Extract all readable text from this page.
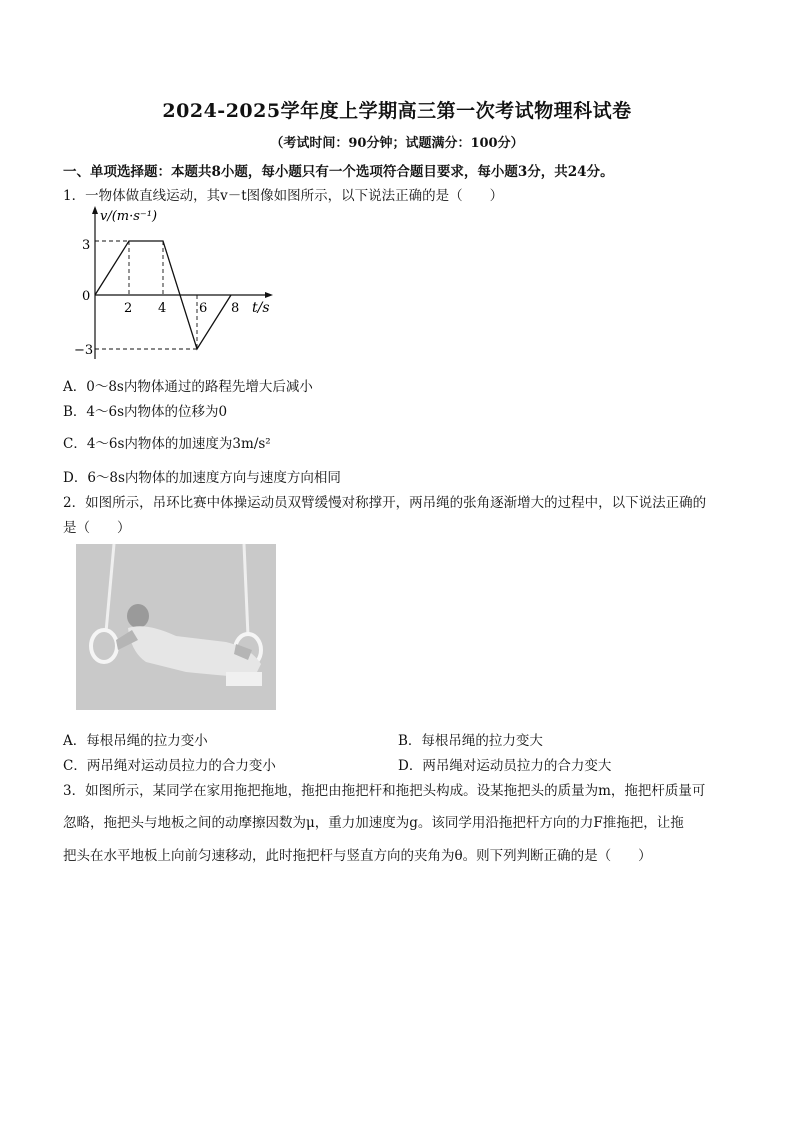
2024-2025学年度上学期高三第一次考试物理科试卷
（考试时间：90分钟；试题满分：100分）
一、单项选择题：本题共8小题，每小题只有一个选项符合题目要求，每小题3分，共24分。
1．一物体做直线运动，其v－t图像如图所示，以下说法正确的是（　　）
v/(m·s⁻¹)
t/s
3
0
−3
2 4	6 8
A．0～8s内物体通过的路程先增大后减小
B．4～6s内物体的位移为0
C．4～6s内物体的加速度为3m/s²
D．6～8s内物体的加速度方向与速度方向相同
2．如图所示，吊环比赛中体操运动员双臂缓慢对称撑开，两吊绳的张角逐渐增大的过程中，以下说法正确的
是（　　）
A．每根吊绳的拉力变小	B．每根吊绳的拉力变大
C．两吊绳对运动员拉力的合力变小	D．两吊绳对运动员拉力的合力变大
3．如图所示，某同学在家用拖把拖地，拖把由拖把杆和拖把头构成。设某拖把头的质量为m，拖把杆质量可
忽略，拖把头与地板之间的动摩擦因数为μ，重力加速度为g。该同学用沿拖把杆方向的力F推拖把，让拖
把头在水平地板上向前匀速移动，此时拖把杆与竖直方向的夹角为θ。则下列判断正确的是（　　）
